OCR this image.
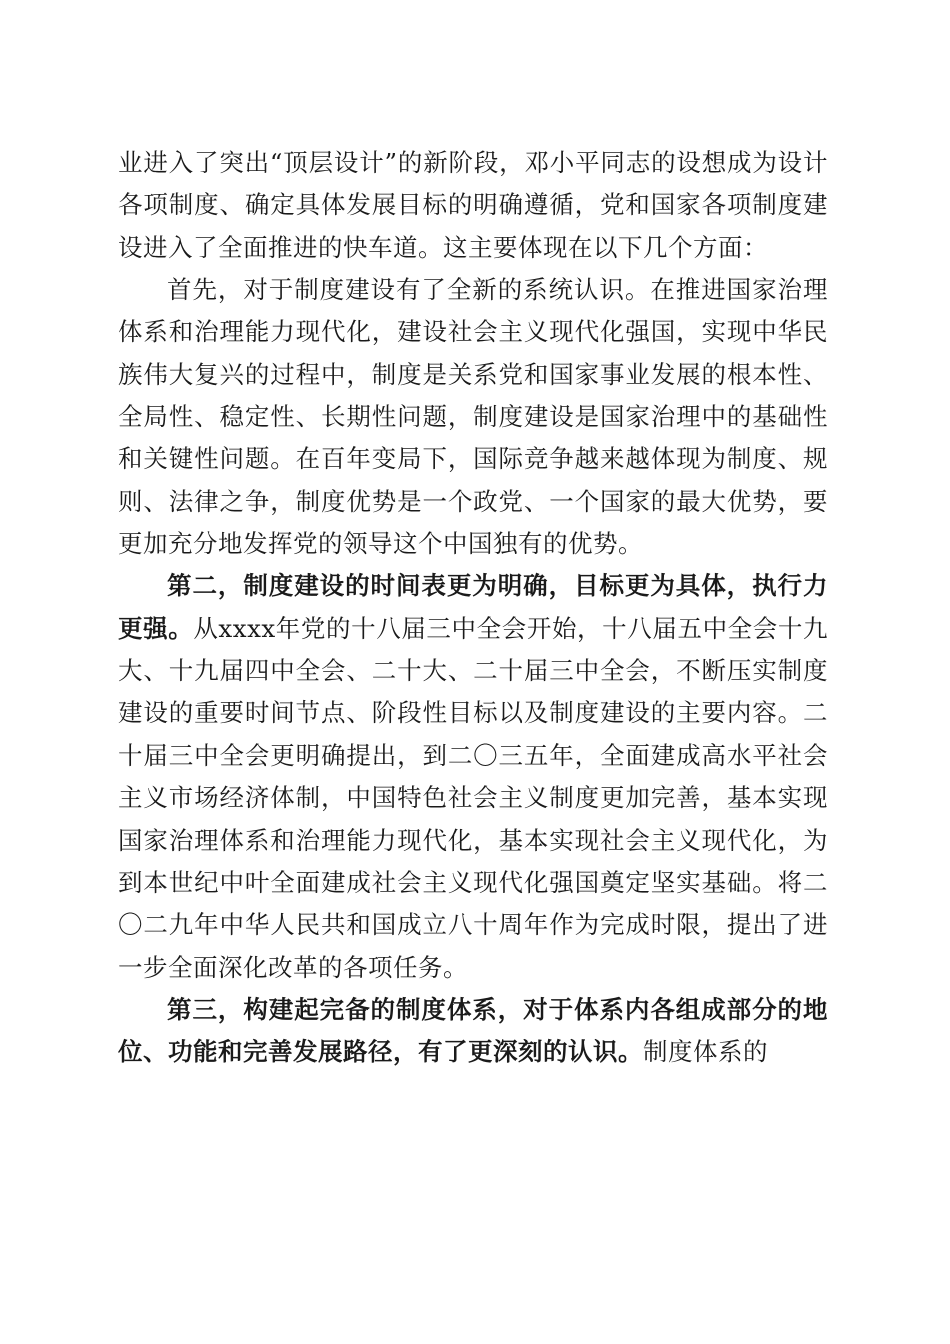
业进入了突出“顶层设计”的新阶段，邓小平同志的设想成为设计各项制度、确定具体发展目标的明确遵循，党和国家各项制度建设进入了全面推进的快车道。这主要体现在以下几个方面：

首先，对于制度建设有了全新的系统认识。在推进国家治理体系和治理能力现代化，建设社会主义现代化强国，实现中华民族伟大复兴的过程中，制度是关系党和国家事业发展的根本性、全局性、稳定性、长期性问题，制度建设是国家治理中的基础性和关键性问题。在百年变局下，国际竞争越来越体现为制度、规则、法律之争，制度优势是一个政党、一个国家的最大优势，要更加充分地发挥党的领导这个中国独有的优势。

第二，制度建设的时间表更为明确，目标更为具体，执行力更强。从xxxx年党的十八届三中全会开始，十八届五中全会十九大、十九届四中全会、二十大、二十届三中全会，不断压实制度建设的重要时间节点、阶段性目标以及制度建设的主要内容。二十届三中全会更明确提出，到二〇三五年，全面建成高水平社会主义市场经济体制，中国特色社会主义制度更加完善，基本实现国家治理体系和治理能力现代化，基本实现社会主义现代化，为到本世纪中叶全面建成社会主义现代化强国奠定坚实基础。将二〇二九年中华人民共和国成立八十周年作为完成时限，提出了进一步全面深化改革的各项任务。

第三，构建起完备的制度体系，对于体系内各组成部分的地位、功能和完善发展路径，有了更深刻的认识。制度体系的
